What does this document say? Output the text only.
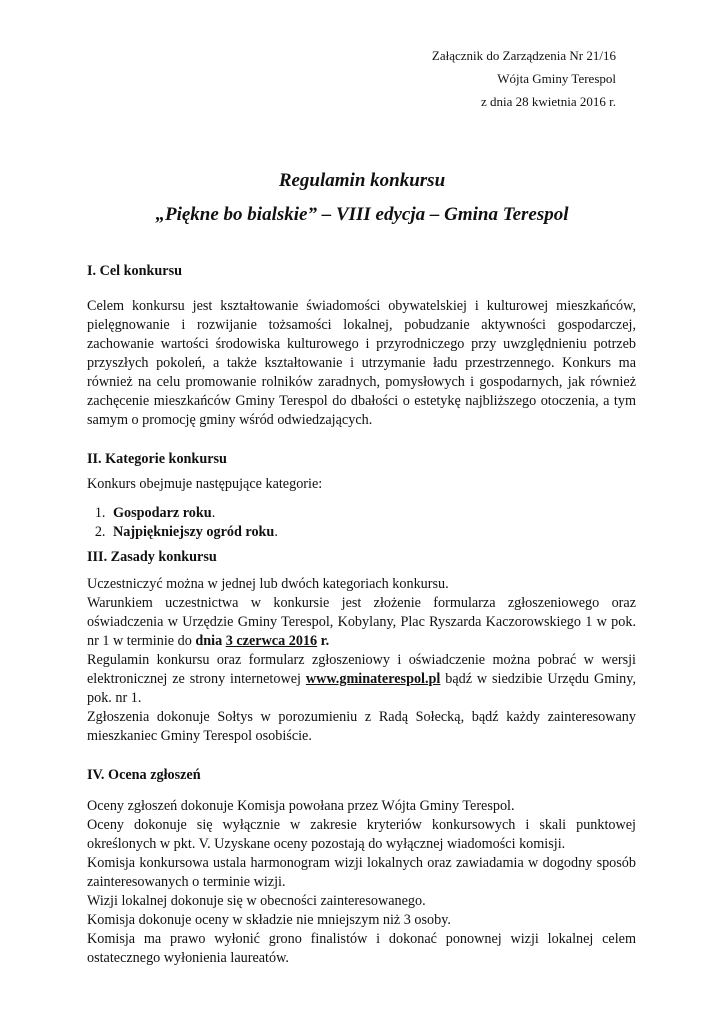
Załącznik do Zarządzenia Nr 21/16
Wójta Gminy Terespol
z dnia 28 kwietnia 2016 r.
Regulamin konkursu
„Piękne bo bialskie” – VIII edycja – Gmina Terespol
I. Cel konkursu

Celem konkursu jest kształtowanie świadomości obywatelskiej i kulturowej mieszkańców, pielęgnowanie i rozwijanie tożsamości lokalnej, pobudzanie aktywności gospodarczej, zachowanie wartości środowiska kulturowego i przyrodniczego przy uwzględnieniu potrzeb przyszłych pokoleń, a także kształtowanie i utrzymanie ładu przestrzennego. Konkurs ma również na celu promowanie rolników zaradnych, pomysłowych i gospodarnych, jak również zachęcenie mieszkańców Gminy Terespol do dbałości o estetykę najbliższego otoczenia, a tym samym o promocję gminy wśród odwiedzających.

II. Kategorie konkursu

Konkurs obejmuje następujące kategorie:

1. Gospodarz roku.
2. Najpiękniejszy ogród roku.
III. Zasady konkursu

Uczestniczyć można w jednej lub dwóch kategoriach konkursu.

Warunkiem uczestnictwa w konkursie jest złożenie formularza zgłoszeniowego oraz oświadczenia w Urzędzie Gminy Terespol, Kobylany, Plac Ryszarda Kaczorowskiego 1 w pok. nr 1 w terminie do dnia 3 czerwca 2016 r.

Regulamin konkursu oraz formularz zgłoszeniowy i oświadczenie można pobrać w wersji elektronicznej ze strony internetowej www.gminaterespol.pl bądź w siedzibie Urzędu Gminy, pok. nr 1.

Zgłoszenia dokonuje Sołtys w porozumieniu z Radą Sołecką, bądź każdy zainteresowany mieszkaniec Gminy Terespol osobiście.

IV. Ocena zgłoszeń

Oceny zgłoszeń dokonuje Komisja powołana przez Wójta Gminy Terespol.

Oceny dokonuje się wyłącznie w zakresie kryteriów konkursowych i skali punktowej określonych w pkt. V. Uzyskane oceny pozostają do wyłącznej wiadomości komisji.

Komisja konkursowa ustala harmonogram wizji lokalnych oraz zawiadamia w dogodny sposób zainteresowanych o terminie wizji.

Wizji lokalnej dokonuje się w obecności zainteresowanego.

Komisja dokonuje oceny w składzie nie mniejszym niż 3 osoby.

Komisja ma prawo wyłonić grono finalistów i dokonać ponownej wizji lokalnej celem ostatecznego wyłonienia laureatów.
